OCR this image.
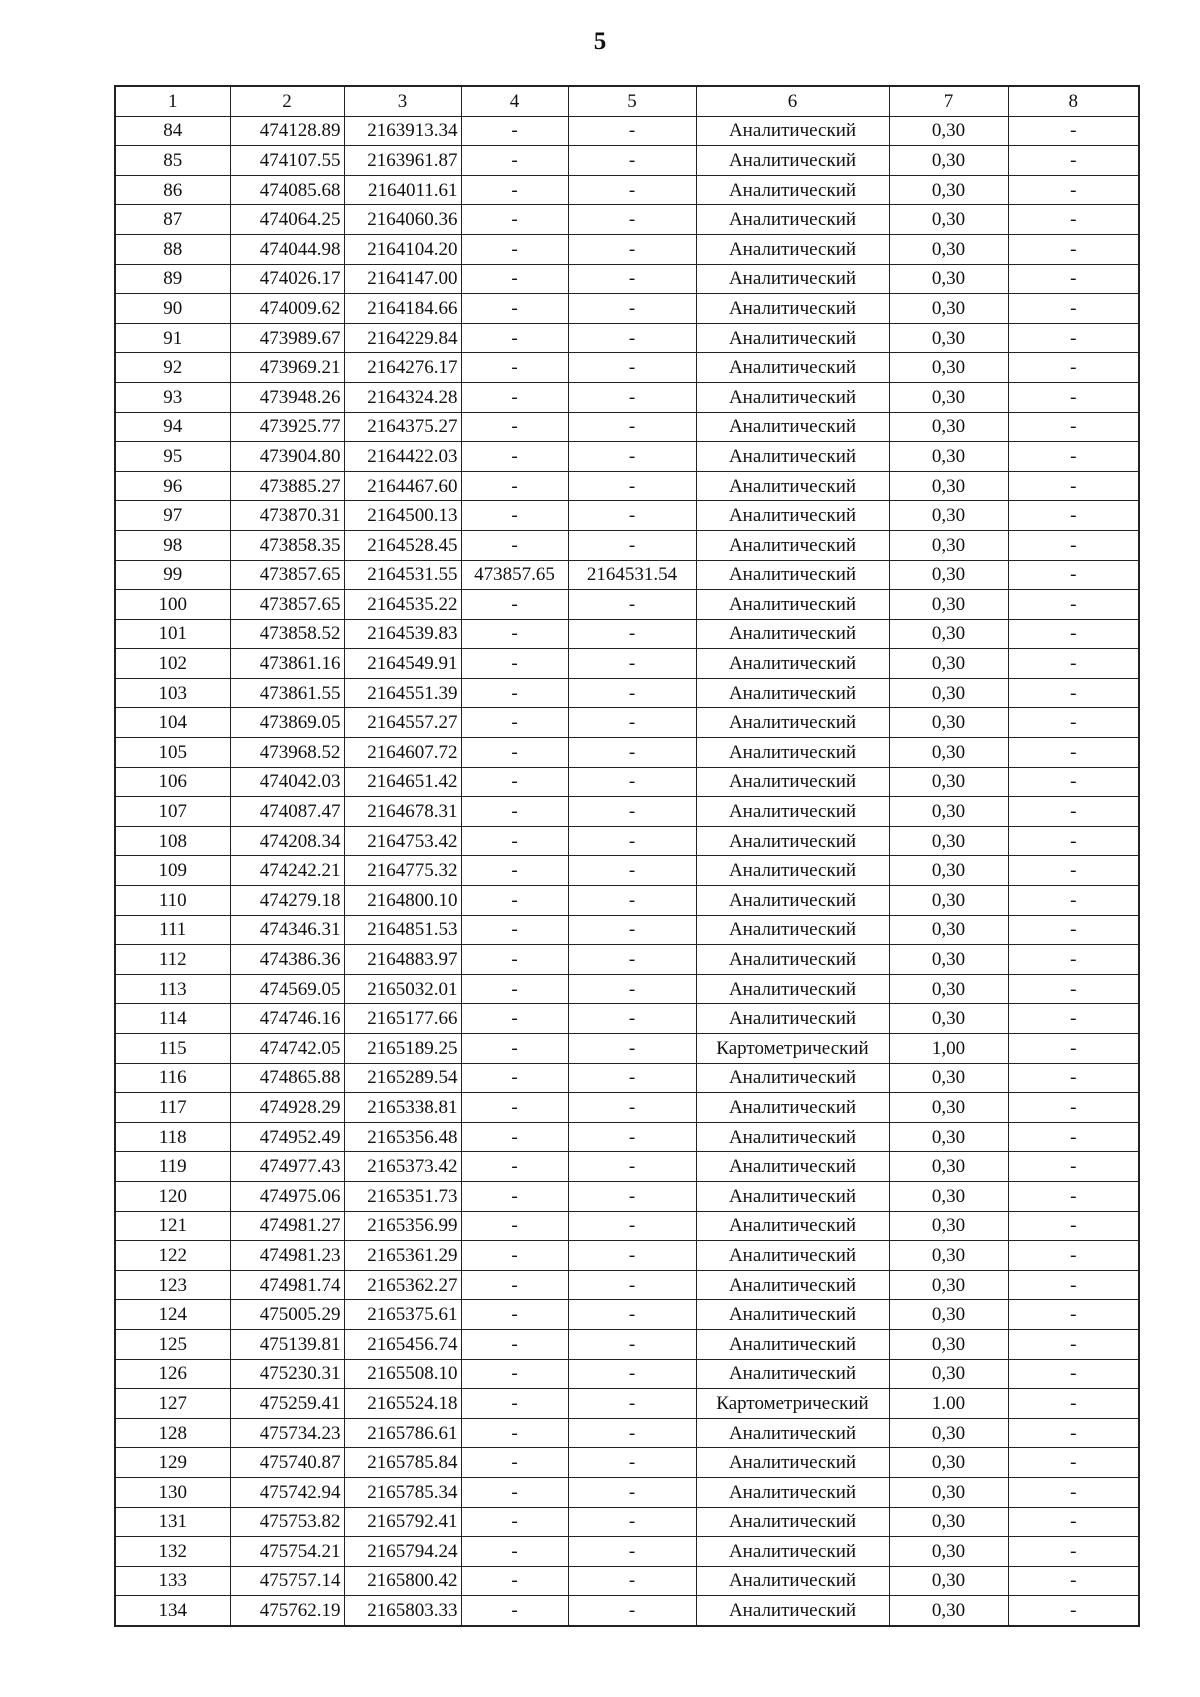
5
1	2	3	4	5	6	7	8
84	474128.89	2163913.34	-	-	Аналитический	0,30	-
85	474107.55	2163961.87	-	-	Аналитический	0,30	-
86	474085.68	2164011.61	-	-	Аналитический	0,30	-
87	474064.25	2164060.36	-	-	Аналитический	0,30	-
88	474044.98	2164104.20	-	-	Аналитический	0,30	-
89	474026.17	2164147.00	-	-	Аналитический	0,30	-
90	474009.62	2164184.66	-	-	Аналитический	0,30	-
91	473989.67	2164229.84	-	-	Аналитический	0,30	-
92	473969.21	2164276.17	-	-	Аналитический	0,30	-
93	473948.26	2164324.28	-	-	Аналитический	0,30	-
94	473925.77	2164375.27	-	-	Аналитический	0,30	-
95	473904.80	2164422.03	-	-	Аналитический	0,30	-
96	473885.27	2164467.60	-	-	Аналитический	0,30	-
97	473870.31	2164500.13	-	-	Аналитический	0,30	-
98	473858.35	2164528.45	-	-	Аналитический	0,30	-
99	473857.65	2164531.55	473857.65	2164531.54	Аналитический	0,30	-
100	473857.65	2164535.22	-	-	Аналитический	0,30	-
101	473858.52	2164539.83	-	-	Аналитический	0,30	-
102	473861.16	2164549.91	-	-	Аналитический	0,30	-
103	473861.55	2164551.39	-	-	Аналитический	0,30	-
104	473869.05	2164557.27	-	-	Аналитический	0,30	-
105	473968.52	2164607.72	-	-	Аналитический	0,30	-
106	474042.03	2164651.42	-	-	Аналитический	0,30	-
107	474087.47	2164678.31	-	-	Аналитический	0,30	-
108	474208.34	2164753.42	-	-	Аналитический	0,30	-
109	474242.21	2164775.32	-	-	Аналитический	0,30	-
110	474279.18	2164800.10	-	-	Аналитический	0,30	-
111	474346.31	2164851.53	-	-	Аналитический	0,30	-
112	474386.36	2164883.97	-	-	Аналитический	0,30	-
113	474569.05	2165032.01	-	-	Аналитический	0,30	-
114	474746.16	2165177.66	-	-	Аналитический	0,30	-
115	474742.05	2165189.25	-	-	Картометрический	1,00	-
116	474865.88	2165289.54	-	-	Аналитический	0,30	-
117	474928.29	2165338.81	-	-	Аналитический	0,30	-
118	474952.49	2165356.48	-	-	Аналитический	0,30	-
119	474977.43	2165373.42	-	-	Аналитический	0,30	-
120	474975.06	2165351.73	-	-	Аналитический	0,30	-
121	474981.27	2165356.99	-	-	Аналитический	0,30	-
122	474981.23	2165361.29	-	-	Аналитический	0,30	-
123	474981.74	2165362.27	-	-	Аналитический	0,30	-
124	475005.29	2165375.61	-	-	Аналитический	0,30	-
125	475139.81	2165456.74	-	-	Аналитический	0,30	-
126	475230.31	2165508.10	-	-	Аналитический	0,30	-
127	475259.41	2165524.18	-	-	Картометрический	1.00	-
128	475734.23	2165786.61	-	-	Аналитический	0,30	-
129	475740.87	2165785.84	-	-	Аналитический	0,30	-
130	475742.94	2165785.34	-	-	Аналитический	0,30	-
131	475753.82	2165792.41	-	-	Аналитический	0,30	-
132	475754.21	2165794.24	-	-	Аналитический	0,30	-
133	475757.14	2165800.42	-	-	Аналитический	0,30	-
134	475762.19	2165803.33	-	-	Аналитический	0,30	-
